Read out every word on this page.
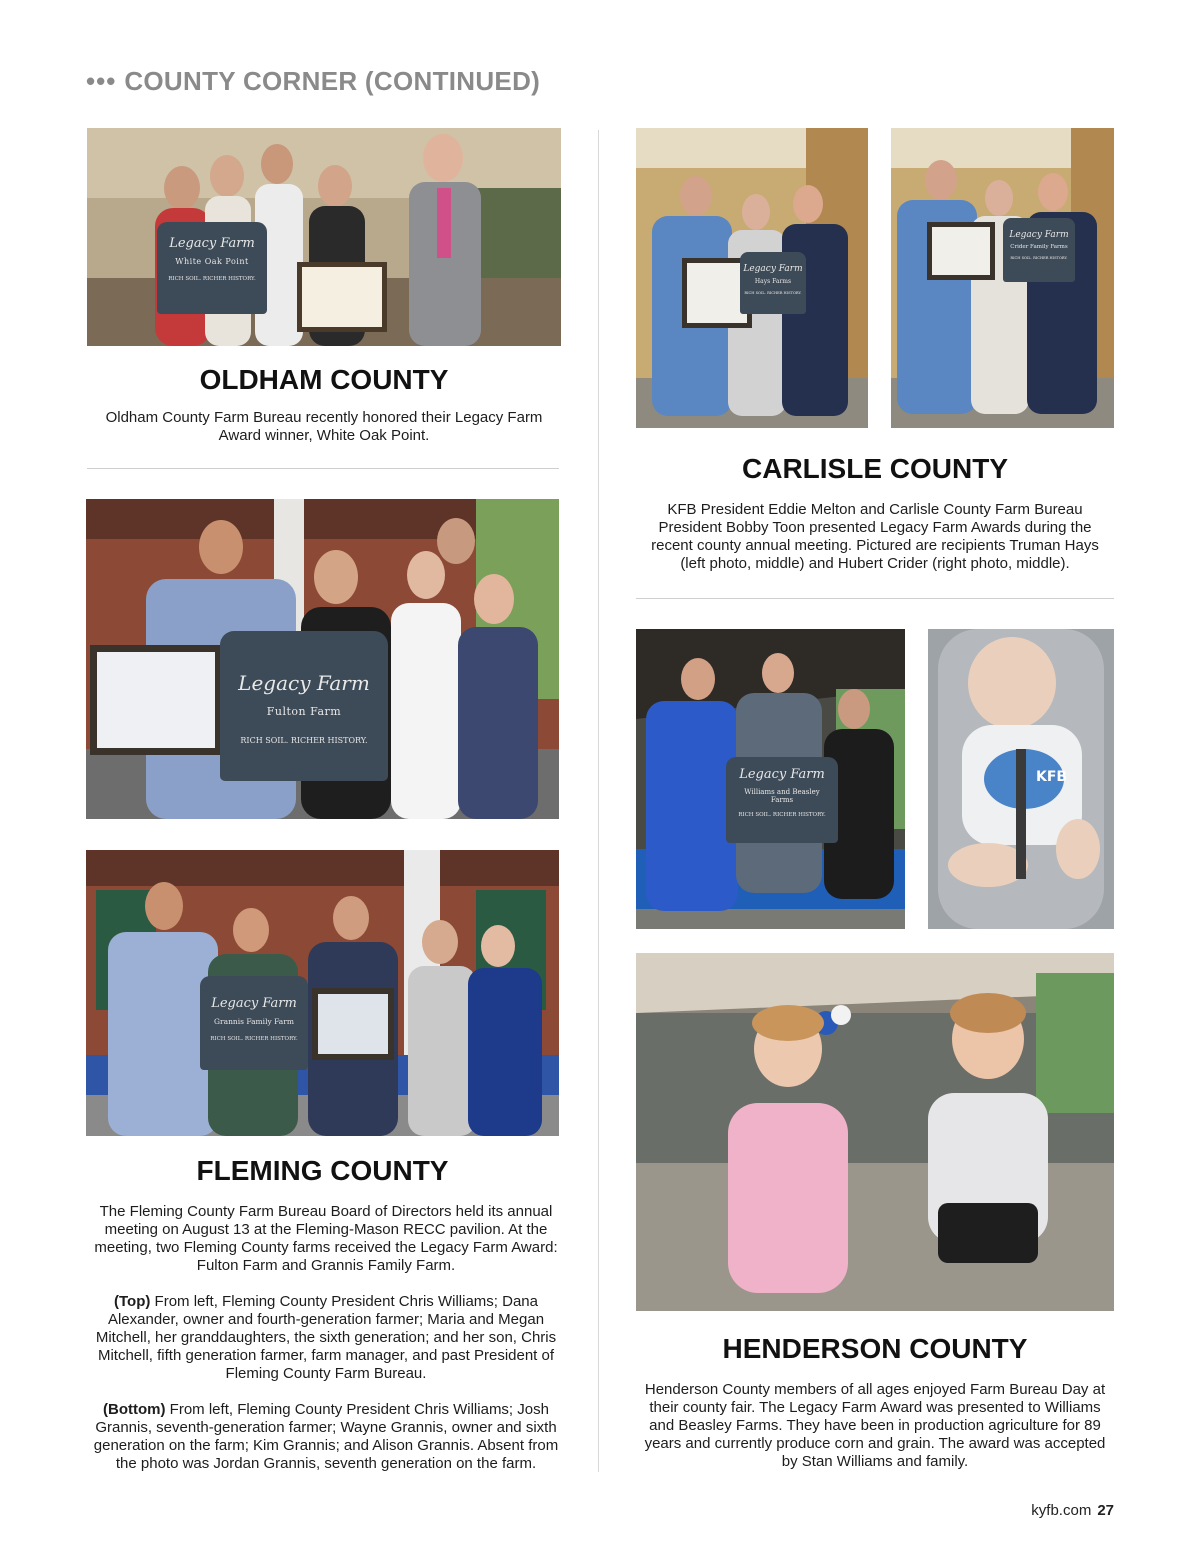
••• COUNTY CORNER (CONTINUED)
Legacy Farm
White Oak Point
RICH SOIL. RICHER HISTORY.
OLDHAM COUNTY
Oldham County Farm Bureau recently honored their Legacy Farm Award winner, White Oak Point.
Legacy Farm
Fulton Farm
RICH SOIL. RICHER HISTORY.
Legacy Farm
Grannis Family Farm
RICH SOIL. RICHER HISTORY.
FLEMING COUNTY

The Fleming County Farm Bureau Board of Directors held its annual meeting on August 13 at the Fleming-Mason RECC pavilion. At the meeting, two Fleming County farms received the Legacy Farm Award: Fulton Farm and Grannis Family Farm.

(Top) From left, Fleming County President Chris Williams; Dana Alexander, owner and fourth-generation farmer; Maria and Megan Mitchell, her granddaughters, the sixth generation; and her son, Chris Mitchell, fifth generation farmer, farm manager, and past President of Fleming County Farm Bureau.

(Bottom) From left, Fleming County President Chris Williams; Josh Grannis, seventh-generation farmer; Wayne Grannis, owner and sixth generation on the farm; Kim Grannis; and Alison Grannis. Absent from the photo was Jordan Grannis, seventh generation on the farm.

Legacy Farm
Hays Farms
RICH SOIL. RICHER HISTORY.
Legacy Farm
Crider Family Farms
RICH SOIL. RICHER HISTORY.
CARLISLE COUNTY
KFB President Eddie Melton and Carlisle County Farm Bureau President Bobby Toon presented Legacy Farm Awards during the recent county annual meeting. Pictured are recipients Truman Hays (left photo, middle) and Hubert Crider (right photo, middle).
Legacy Farm
Williams and Beasley Farms
RICH SOIL. RICHER HISTORY.
KFB
HENDERSON COUNTY
Henderson County members of all ages enjoyed Farm Bureau Day at their county fair. The Legacy Farm Award was presented to Williams and Beasley Farms. They have been in production agriculture for 89 years and currently produce corn and grain. The award was accepted by Stan Williams and family.
kyfb.com 27
